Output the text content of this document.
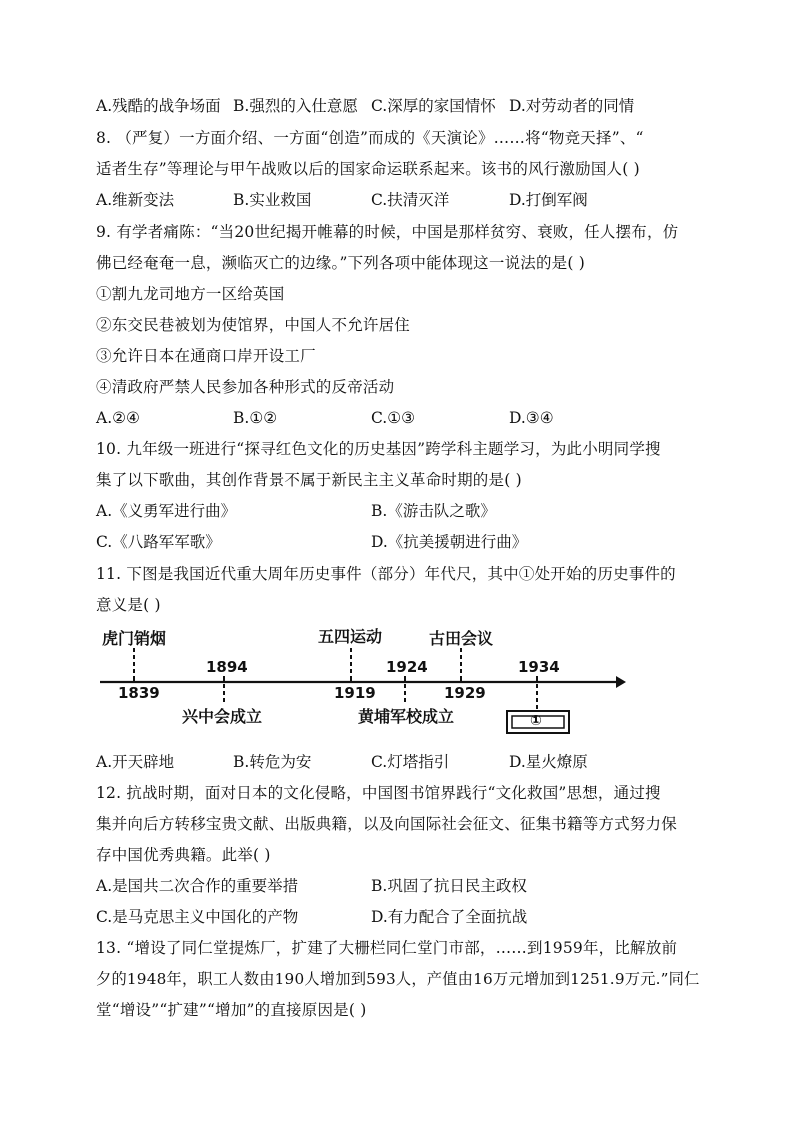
A.残酷的战争场面 B.强烈的入仕意愿 C.深厚的家国情怀 D.对劳动者的同情
8. （严复）一方面介绍、一方面“创造”而成的《天演论》……将“物竞天择”、“
适者生存”等理论与甲午战败以后的国家命运联系起来。该书的风行激励国人( )
A.维新变法	B.实业救国	C.扶清灭洋	D.打倒军阀
9. 有学者痛陈：“当20世纪揭开帷幕的时候，中国是那样贫穷、衰败，任人摆布，仿
佛已经奄奄一息，濒临灭亡的边缘。”下列各项中能体现这一说法的是( )
①割九龙司地方一区给英国
②东交民巷被划为使馆界，中国人不允许居住
③允许日本在通商口岸开设工厂
④清政府严禁人民参加各种形式的反帝活动
A.②④	B.①②	C.①③	D.③④
10. 九年级一班进行“探寻红色文化的历史基因”跨学科主题学习，为此小明同学搜
集了以下歌曲，其创作背景不属于新民主主义革命时期的是( )
A.《义勇军进行曲》	B.《游击队之歌》
C.《八路军军歌》	D.《抗美援朝进行曲》
11. 下图是我国近代重大周年历史事件（部分）年代尺，其中①处开始的历史事件的
意义是( )
虎门销烟	五四运动	古田会议
1894	1924	1934
1839	1919	1929
兴中会成立	黄埔军校成立	①
A.开天辟地	B.转危为安	C.灯塔指引	D.星火燎原
12. 抗战时期，面对日本的文化侵略，中国图书馆界践行“文化救国”思想，通过搜
集并向后方转移宝贵文献、出版典籍，以及向国际社会征文、征集书籍等方式努力保
存中国优秀典籍。此举( )
A.是国共二次合作的重要举措	B.巩固了抗日民主政权
C.是马克思主义中国化的产物	D.有力配合了全面抗战
13. “增设了同仁堂提炼厂，扩建了大栅栏同仁堂门市部，……到1959年，比解放前
夕的1948年，职工人数由190人增加到593人，产值由16万元增加到1251.9万元.”同仁
堂“增设”“扩建”“增加”的直接原因是( )
